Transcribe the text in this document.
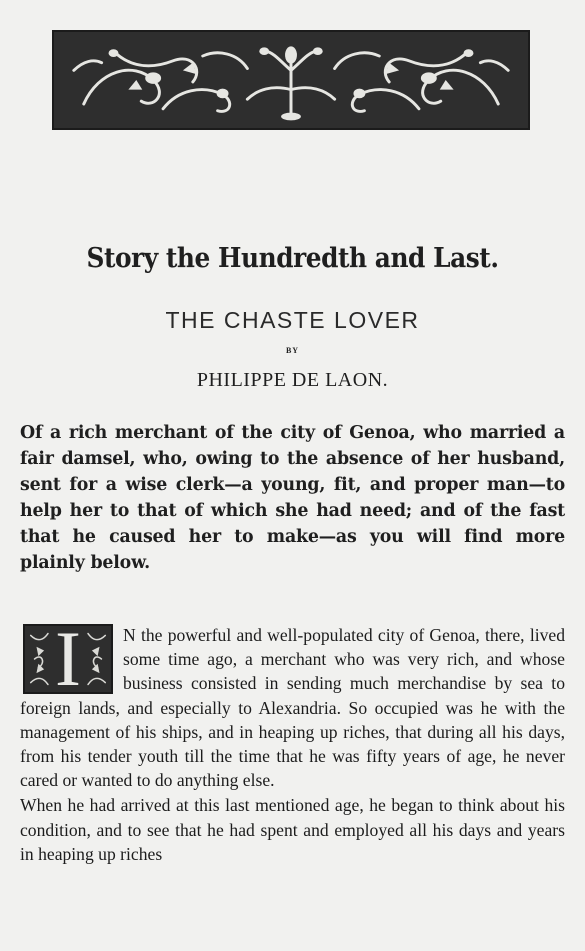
Story the Hundredth and Last.
THE CHASTE LOVER
BY
PHILIPPE DE LAON.
Of a rich merchant of the city of Genoa, who married a fair damsel, who, owing to the absence of her husband, sent for a wise clerk—a young, fit, and proper man—to help her to that of which she had need; and of the fast that he caused her to make—as you will find more plainly below.
I	N the powerful and well-populated city of Genoa, there, lived some time ago, a merchant who was very rich, and whose business consisted in sending much merchandise by sea to foreign lands, and especially to Alexandria. So occupied was he with the management of his ships, and in heaping up riches, that during all his days, from his tender youth till the time that he was fifty years of age, he never cared or wanted to do anything else.

When he had arrived at this last mentioned age, he began to think about his condition, and to see that he had spent and employed all his days and years in heaping up riches
